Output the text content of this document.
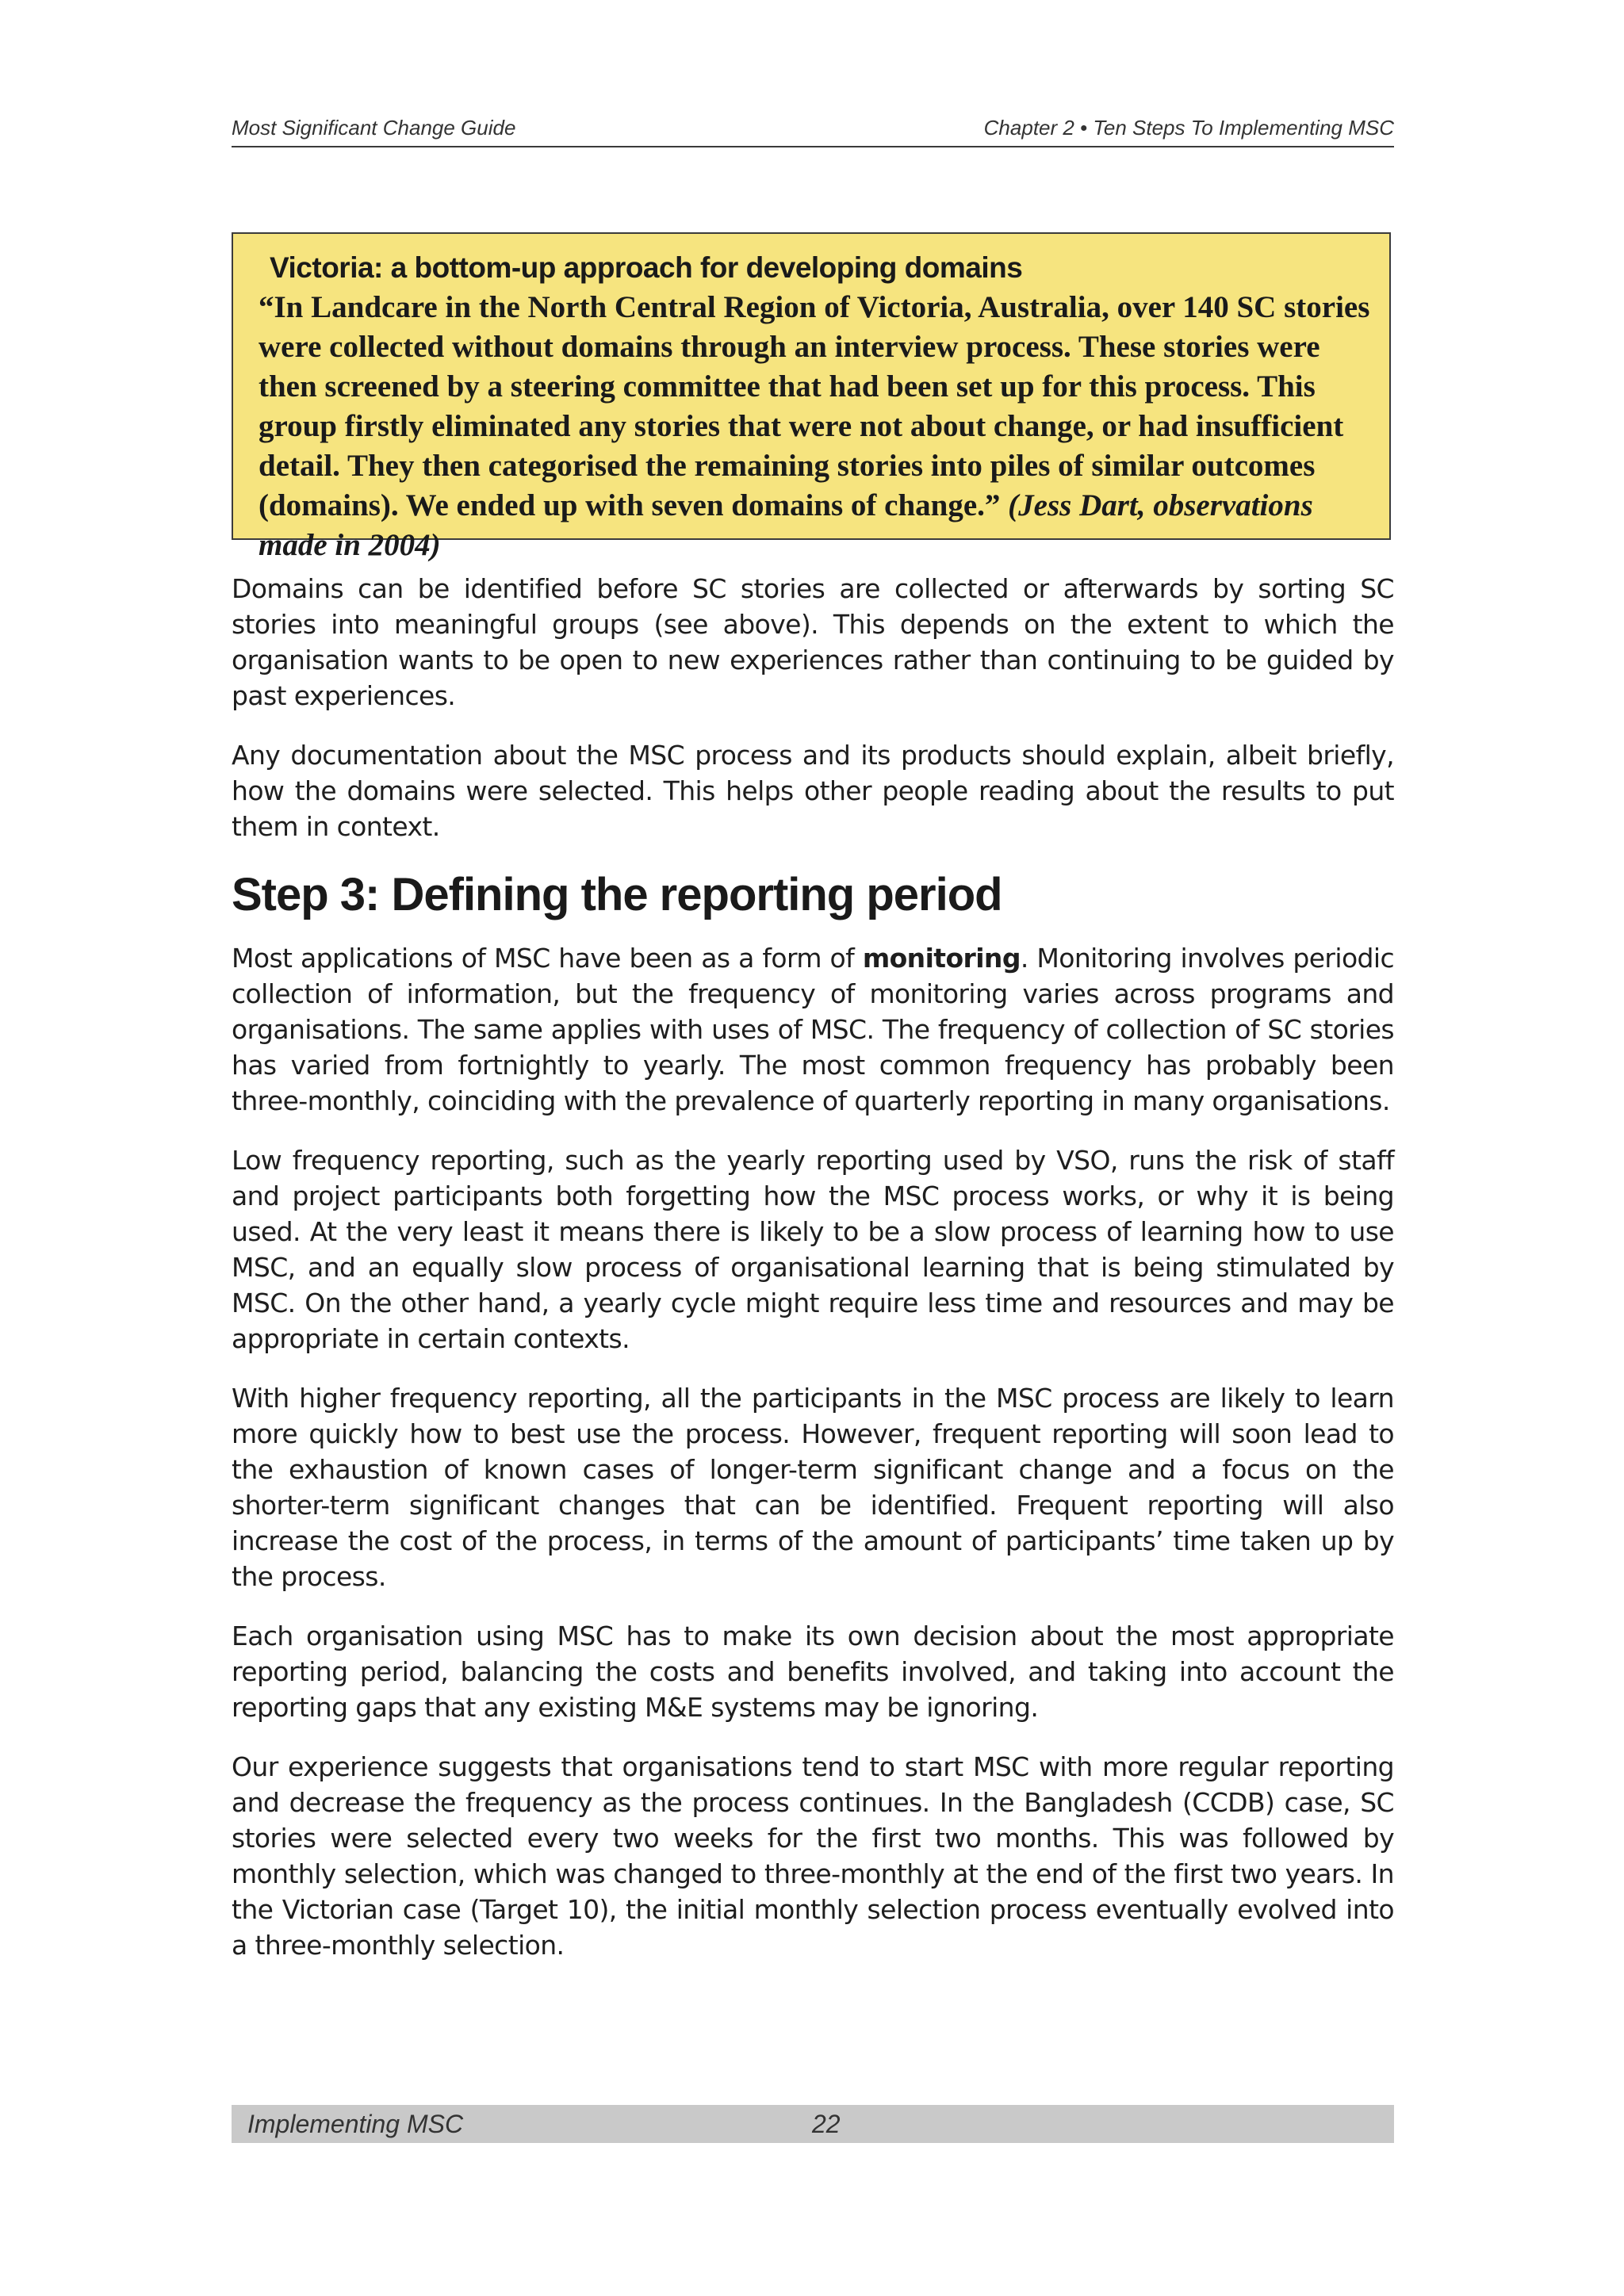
Most Significant Change Guide	Chapter 2 • Ten Steps To Implementing MSC
Victoria: a bottom-up approach for developing domains
“In Landcare in the North Central Region of Victoria, Australia, over 140 SC stories were collected without domains through an interview process. These stories were then screened by a steering committee that had been set up for this process. This group firstly eliminated any stories that were not about change, or had insufficient detail. They then categorised the remaining stories into piles of similar outcomes (domains). We ended up with seven domains of change.” (Jess Dart, observations made in 2004)

Domains can be identified before SC stories are collected or afterwards by sorting SC stories into meaningful groups (see above). This depends on the extent to which the organisation wants to be open to new experiences rather than continuing to be guided by past experiences.

Any documentation about the MSC process and its products should explain, albeit briefly, how the domains were selected. This helps other people reading about the results to put them in context.

Step 3: Defining the reporting period

Most applications of MSC have been as a form of monitoring. Monitoring involves periodic collection of information, but the frequency of monitoring varies across programs and organisations. The same applies with uses of MSC. The frequency of collection of SC stories has varied from fortnightly to yearly. The most common frequency has probably been three-monthly, coinciding with the prevalence of quarterly reporting in many organisations.

Low frequency reporting, such as the yearly reporting used by VSO, runs the risk of staff and project participants both forgetting how the MSC process works, or why it is being used. At the very least it means there is likely to be a slow process of learning how to use MSC, and an equally slow process of organisational learning that is being stimulated by MSC. On the other hand, a yearly cycle might require less time and resources and may be appropriate in certain contexts.

With higher frequency reporting, all the participants in the MSC process are likely to learn more quickly how to best use the process. However, frequent reporting will soon lead to the exhaustion of known cases of longer-term significant change and a focus on the shorter-term significant changes that can be identified. Frequent reporting will also increase the cost of the process, in terms of the amount of participants’ time taken up by the process.

Each organisation using MSC has to make its own decision about the most appropriate reporting period, balancing the costs and benefits involved, and taking into account the reporting gaps that any existing M&E systems may be ignoring.

Our experience suggests that organisations tend to start MSC with more regular reporting and decrease the frequency as the process continues. In the Bangladesh (CCDB) case, SC stories were selected every two weeks for the first two months. This was followed by monthly selection, which was changed to three-monthly at the end of the first two years. In the Victorian case (Target 10), the initial monthly selection process eventually evolved into a three-monthly selection.

Implementing MSC	22
